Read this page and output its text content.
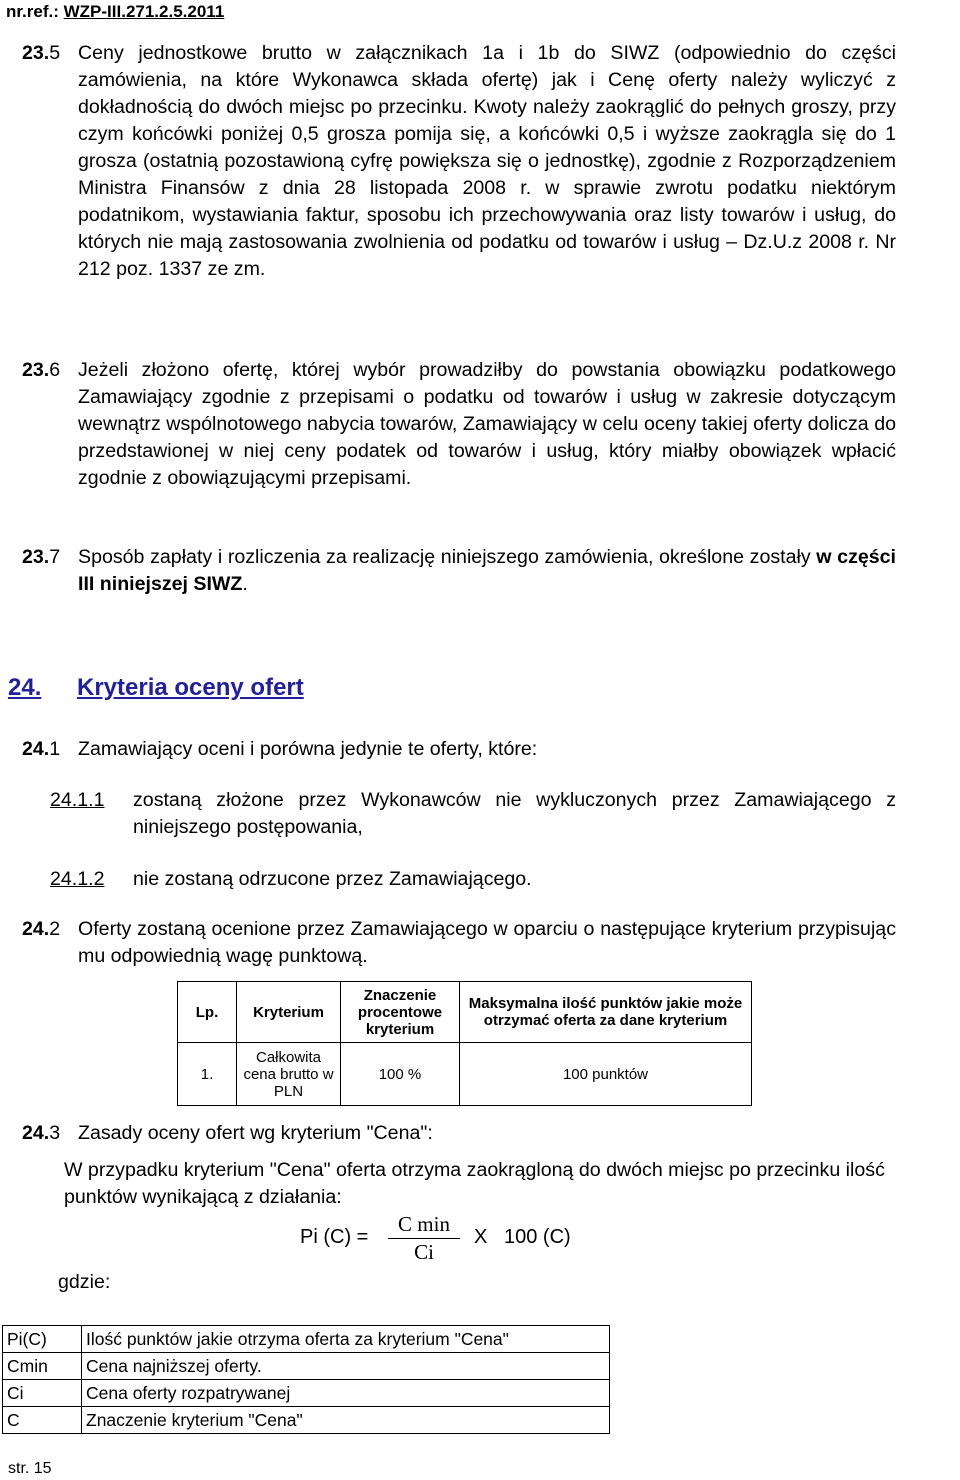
nr.ref.: WZP-III.271.2.5.2011
23.5 Ceny jednostkowe brutto w załącznikach 1a i 1b do SIWZ (odpowiednio do części zamówienia, na które Wykonawca składa ofertę) jak i Cenę oferty należy wyliczyć z dokładnością do dwóch miejsc po przecinku. Kwoty należy zaokrąglić do pełnych groszy, przy czym końcówki poniżej 0,5 grosza pomija się, a końcówki 0,5 i wyższe zaokrągla się do 1 grosza (ostatnią pozostawioną cyfrę powiększa się o jednostkę), zgodnie z Rozporządzeniem Ministra Finansów z dnia 28 listopada 2008 r. w sprawie zwrotu podatku niektórym podatnikom, wystawiania faktur, sposobu ich przechowywania oraz listy towarów i usług, do których nie mają zastosowania zwolnienia od podatku od towarów i usług – Dz.U.z 2008 r. Nr 212 poz. 1337 ze zm.
23.6 Jeżeli złożono ofertę, której wybór prowadziłby do powstania obowiązku podatkowego Zamawiający zgodnie z przepisami o podatku od towarów i usług w zakresie dotyczącym wewnątrz wspólnotowego nabycia towarów, Zamawiający w celu oceny takiej oferty dolicza do przedstawionej w niej ceny podatek od towarów i usług, który miałby obowiązek wpłacić zgodnie z obowiązującymi przepisami.
23.7 Sposób zapłaty i rozliczenia za realizację niniejszego zamówienia, określone zostały w części III niniejszej SIWZ.
24. Kryteria oceny ofert
24.1 Zamawiający oceni i porówna jedynie te oferty, które:
24.1.1 zostaną złożone przez Wykonawców nie wykluczonych przez Zamawiającego z niniejszego postępowania,
24.1.2 nie zostaną odrzucone przez Zamawiającego.
24.2 Oferty zostaną ocenione przez Zamawiającego w oparciu o następujące kryterium przypisując mu odpowiednią wagę punktową.
Lp.	Kryterium	Znaczenie procentowe kryterium	Maksymalna ilość punktów jakie może otrzymać oferta za dane kryterium
1.	Całkowita cena brutto w PLN	100 %	100 punktów
24.3 Zasady oceny ofert wg kryterium "Cena":
W przypadku kryterium "Cena" oferta otrzyma zaokrągloną do dwóch miejsc po przecinku ilość punktów wynikającą z działania:
Pi (C) =
C min
Ci
X   100 (C)
gdzie:
Pi(C)	Ilość punktów jakie otrzyma oferta za kryterium "Cena"
Cmin	Cena najniższej oferty.
Ci	Cena oferty rozpatrywanej
C	Znaczenie kryterium "Cena"
str. 15
